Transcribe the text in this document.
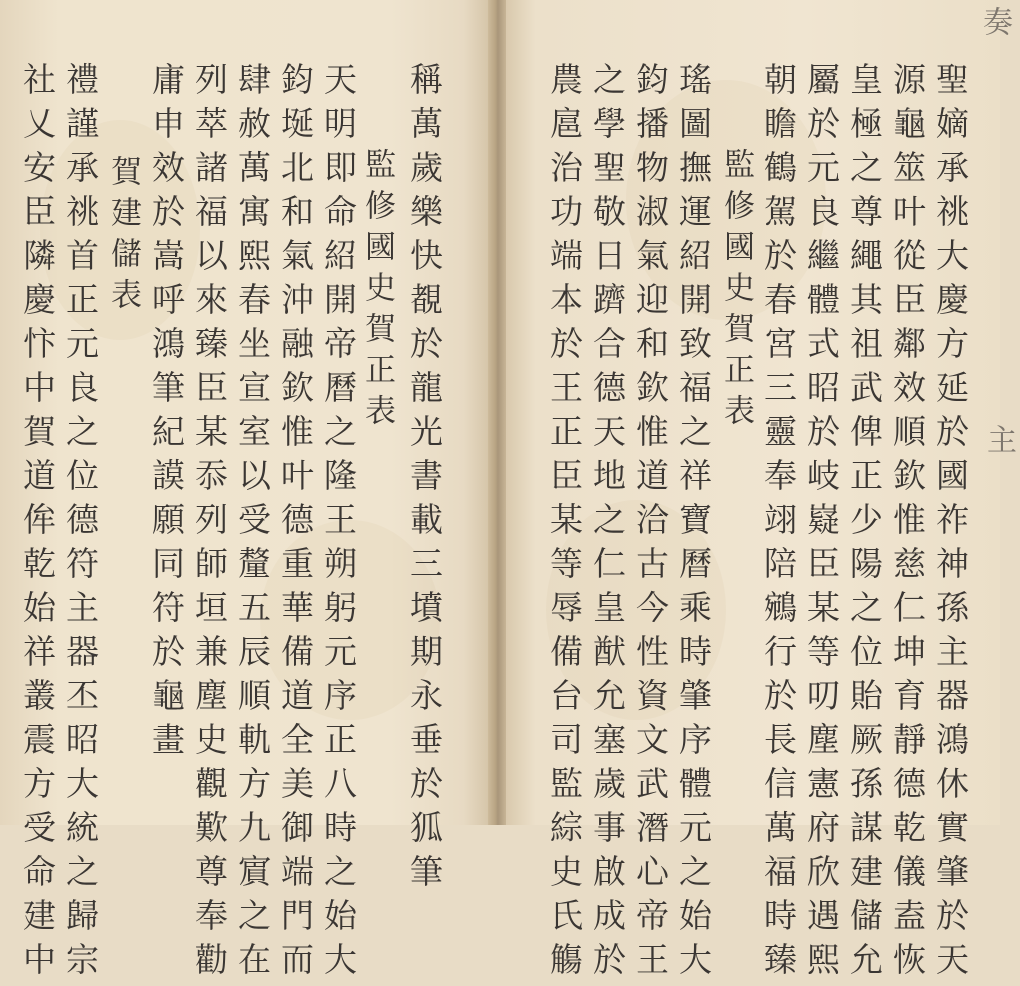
稱萬歲樂快覩於龍光書載三墳期永垂於狐筆
監修國史賀正表
天明即命紹開帝曆之隆王朔躬元序正八時之始大
鈞埏北和氣沖融欽惟叶德重華備道全美御端門而
肆赦萬寓熙春坐宣室以受釐五辰順軌方九賔之在
列萃諸福以來臻臣某忝列師垣兼塵史觀歎尊奉勸
庸申效於嵩呼鴻筆紀謨願同符於龜畫
賀建儲表
禮謹承祧首正元良之位德符主器丕昭大統之歸宗
社乂安臣隣慶忭中賀道侔乾始祥叢震方受命建中	聖嫡承祧大慶方延於國祚神孫主器鴻休實肇於天
源龜筮叶從臣鄰效順欽惟慈仁坤育靜德乾儀盍恢
皇極之尊繩其祖武俾正少陽之位貽厥孫謀建儲允
屬於元良繼體式昭於岐嶷臣某等叨塵憲府欣遇熙
朝瞻鶴駕於春宮三靈奉翊陪鵷行於長信萬福時臻
監修國史賀正表
瑤圖撫運紹開致福之祥寶曆乘時肇序體元之始大
鈞播物淑氣迎和欽惟道洽古今性資文武潛心帝王
之學聖敬日躋合德天地之仁皇猷允塞歲事啟成於
農扈治功端本於王正臣某等辱備台司監綜史氏觴
奏
主
